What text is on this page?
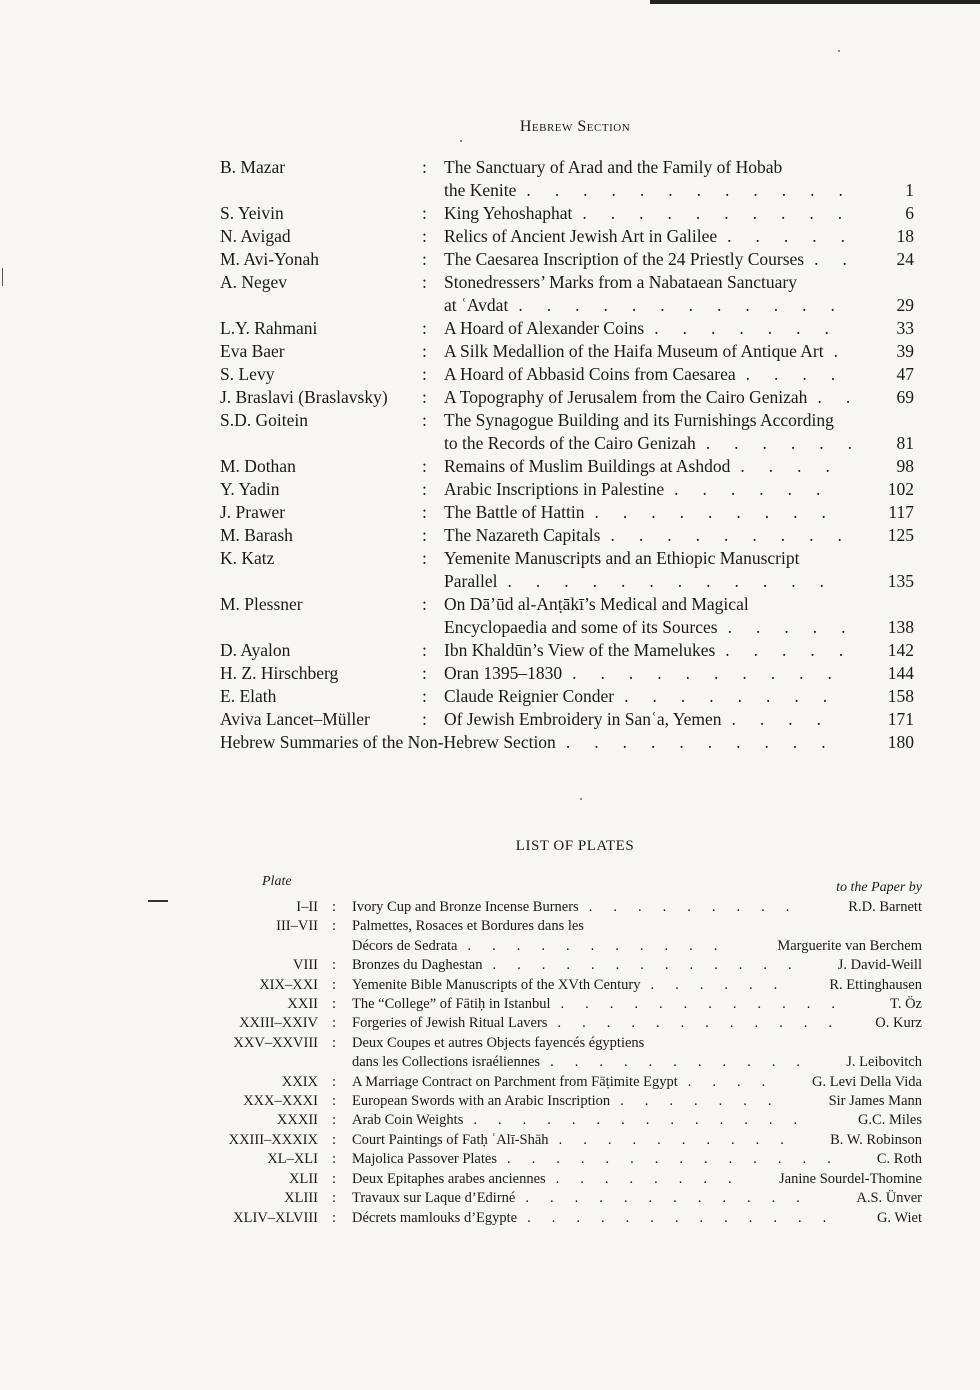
Hebrew Section
B. Mazar	: The Sanctuary of Arad and the Family of Hobab
the Kenite	1
............
S. Yeivin	: King Yehoshaphat	6
..........
N. Avigad	: Relics of Ancient Jewish Art in Galilee	18
.....
M. Avi-Yonah	: The Caesarea Inscription of the 24 Priestly Courses	24
..
A. Negev	: Stonedressers’ Marks from a Nabataean Sanctuary
at ʿAvdat	29
............
L.Y. Rahmani	: A Hoard of Alexander Coins	33
.......
Eva Baer	: A Silk Medallion of the Haifa Museum of Antique Art	39
.
S. Levy	: A Hoard of Abbasid Coins from Caesarea	47
....
J. Braslavi (Braslavsky) : A Topography of Jerusalem from the Cairo Genizah	69
..
S.D. Goitein	: The Synagogue Building and its Furnishings According
to the Records of the Cairo Genizah	81
......
M. Dothan	: Remains of Muslim Buildings at Ashdod	98
....
Y. Yadin	: Arabic Inscriptions in Palestine	102
......
J. Prawer	: The Battle of Hattin	117
.........
M. Barash	: The Nazareth Capitals	125
.........
K. Katz	: Yemenite Manuscripts and an Ethiopic Manuscript
Parallel	135
............
M. Plessner	: On Dā’ūd al-Anṭākī’s Medical and Magical
Encyclopaedia and some of its Sources	138
.....
D. Ayalon	: Ibn Khaldūn’s View of the Mamelukes	142
.....
H. Z. Hirschberg	: Oran 1395–1830	144
..........
E. Elath	: Claude Reignier Conder	158
........
Aviva Lancet–Müller	: Of Jewish Embroidery in Sanʿa, Yemen	171
....
Hebrew Summaries of the Non-Hebrew Section	180
..........
LIST OF PLATES
Plate	to the Paper by
I–II : Ivory Cup and Bronze Incense Burners	R.D. Barnett
.........
III–VII : Palmettes, Rosaces et Bordures dans les
Décors de Sedrata	Marguerite van Berchem
...........
VIII : Bronzes du Daghestan	J. David-Weill
.............
XIX–XXI : Yemenite Bible Manuscripts of the XVth Century	R. Ettinghausen
......
XXII : The “College” of Fātiḥ in Istanbul	T. Öz
............
XXIII–XXIV : Forgeries of Jewish Ritual Lavers	O. Kurz
............
XXV–XXVIII : Deux Coupes et autres Objects fayencés égyptiens
dans les Collections israéliennes	J. Leibovitch
...........
XXIX : A Marriage Contract on Parchment from Fāṭimite Egypt	G. Levi Della Vida
....
XXX–XXXI : European Swords with an Arabic Inscription	Sir James Mann
.......
XXXII : Arab Coin Weights	G.C. Miles
..............
XXIII–XXXIX : Court Paintings of Fatḥ ʿAlī-Shāh	B. W. Robinson
..........
XL–XLI : Majolica Passover Plates	C. Roth
..............
XLII : Deux Epitaphes arabes anciennes	Janine Sourdel-Thomine
........
XLIII : Travaux sur Laque d’Edirné	A.S. Ünver
............
XLIV–XLVIII : Décrets mamlouks d’Egypte	G. Wiet
.............
